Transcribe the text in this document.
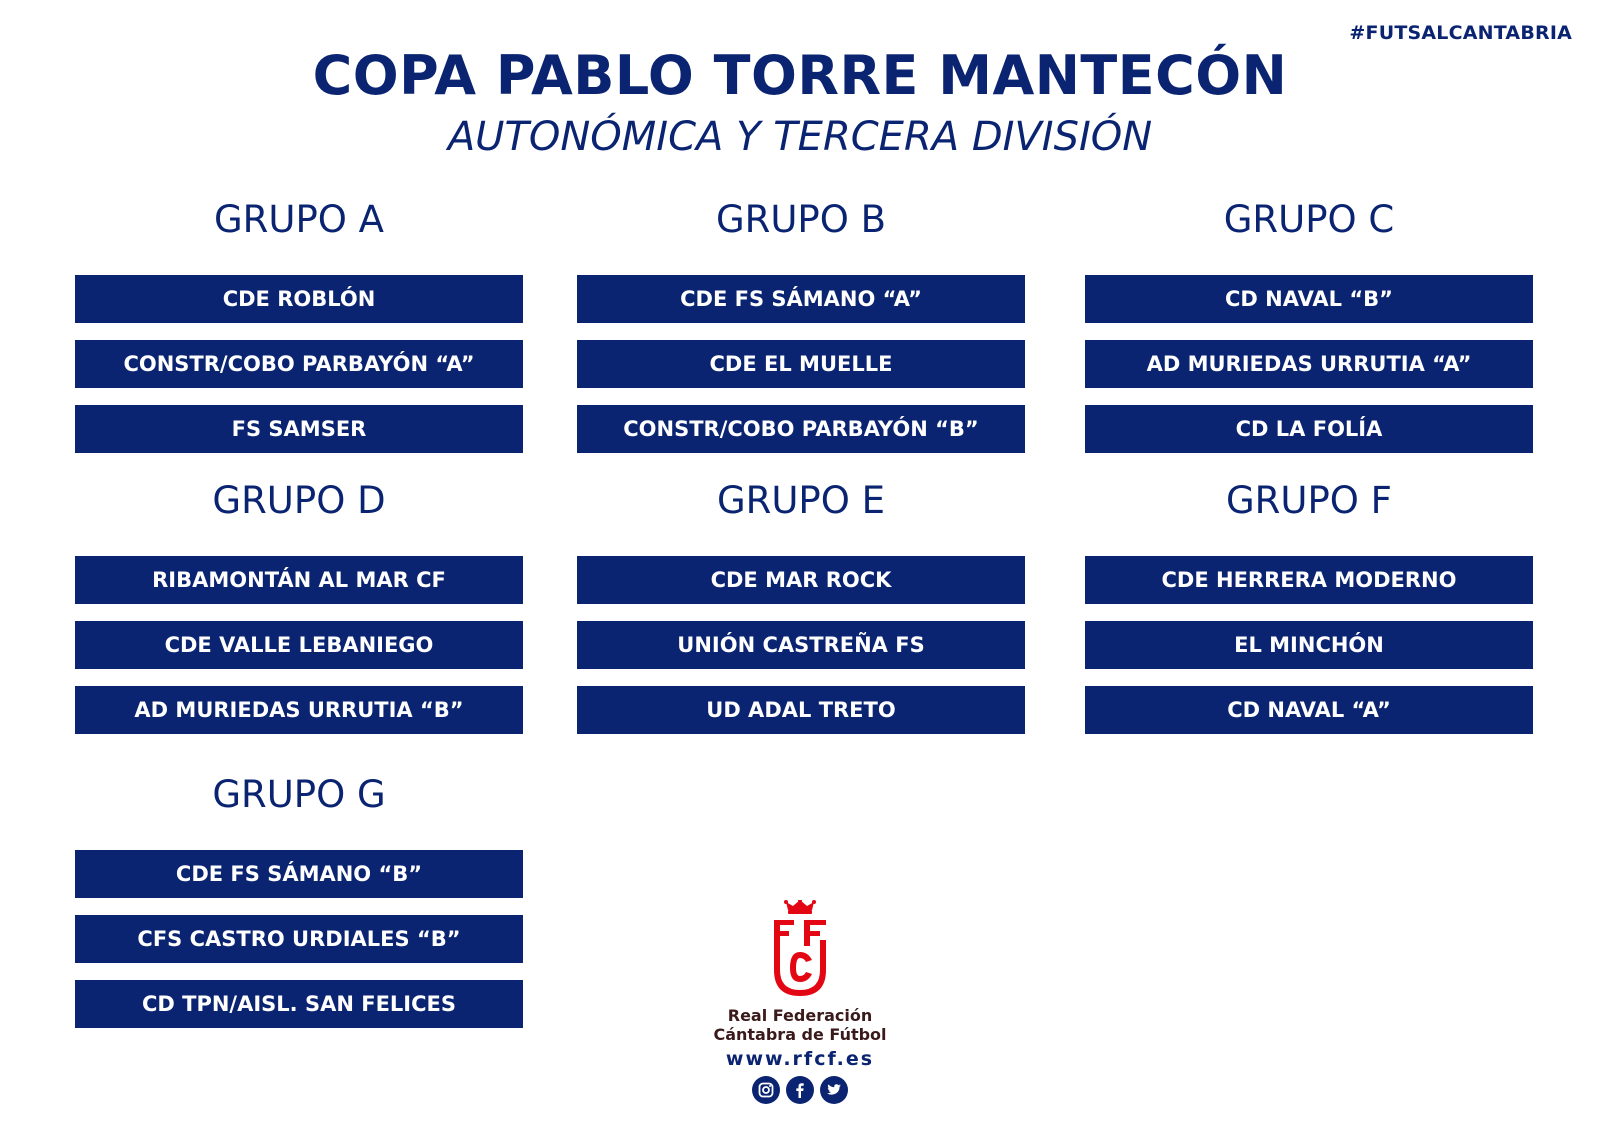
#FUTSALCANTABRIA
COPA PABLO TORRE MANTECÓN
AUTONÓMICA Y TERCERA DIVISIÓN
GRUPO A
CDE ROBLÓN
CONSTR/COBO PARBAYÓN “A”
FS SAMSER
GRUPO B
CDE FS SÁMANO “A”
CDE EL MUELLE
CONSTR/COBO PARBAYÓN “B”
GRUPO C
CD NAVAL “B”
AD MURIEDAS URRUTIA “A”
CD LA FOLÍA
GRUPO D
RIBAMONTÁN AL MAR CF
CDE VALLE LEBANIEGO
AD MURIEDAS URRUTIA “B”
GRUPO E
CDE MAR ROCK
UNIÓN CASTREÑA FS
UD ADAL TRETO
GRUPO F
CDE HERRERA MODERNO
EL MINCHÓN
CD NAVAL “A”
GRUPO G
CDE FS SÁMANO “B”
CFS CASTRO URDIALES “B”
CD TPN/AISL. SAN FELICES	Real Federación
Cántabra de Fútbol
www.rfcf.es
